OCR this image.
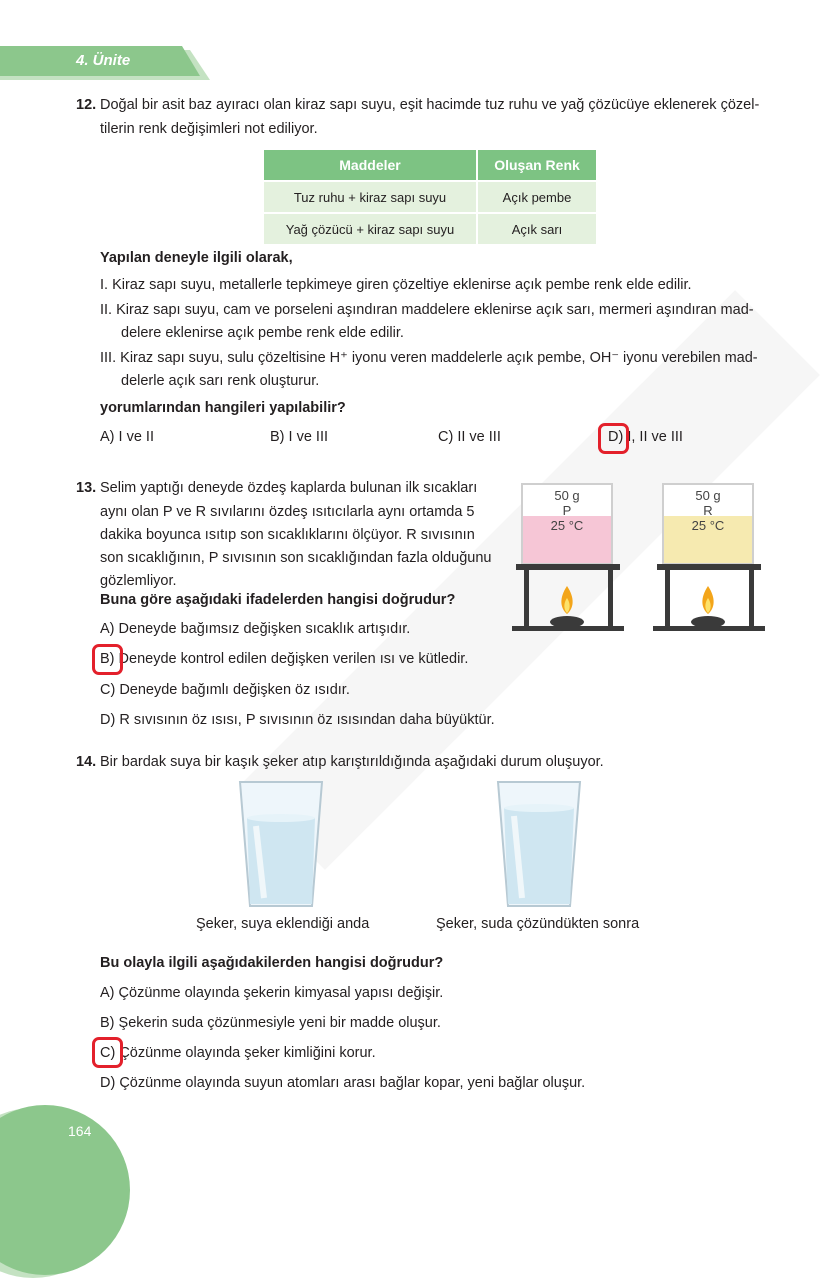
4. Ünite
12. Doğal bir asit baz ayıracı olan kiraz sapı suyu, eşit hacimde tuz ruhu ve yağ çözücüye eklenerek çözel-
tilerin renk değişimleri not ediliyor.
Maddeler	Oluşan Renk
Tuz ruhu + kiraz sapı suyu	Açık pembe
Yağ çözücü + kiraz sapı suyu	Açık sarı
Yapılan deneyle ilgili olarak,
I. Kiraz sapı suyu, metallerle tepkimeye giren çözeltiye eklenirse açık pembe renk elde edilir.
II. Kiraz sapı suyu, cam ve porseleni aşındıran maddelere eklenirse açık sarı, mermeri aşındıran mad-
delere eklenirse açık pembe renk elde edilir.
III. Kiraz sapı suyu, sulu çözeltisine H⁺ iyonu veren maddelerle açık pembe, OH⁻ iyonu verebilen mad-
delerle açık sarı renk oluşturur.
yorumlarından hangileri yapılabilir?
A) I ve II	B) I ve III	C) II ve III	D) I, II ve III
13. Selim yaptığı deneyde özdeş kaplarda bulunan ilk sıcakları
aynı olan P ve R sıvılarını özdeş ısıtıcılarla aynı ortamda 5
dakika boyunca ısıtıp son sıcaklıklarını ölçüyor. R sıvısının
son sıcaklığının, P sıvısının son sıcaklığından fazla olduğunu
gözlemliyor.
Buna göre aşağıdaki ifadelerden hangisi doğrudur?
A) Deneyde bağımsız değişken sıcaklık artışıdır.
B) Deneyde kontrol edilen değişken verilen ısı ve kütledir.
C) Deneyde bağımlı değişken öz ısıdır.
D) R sıvısının öz ısısı, P sıvısının öz ısısından daha büyüktür.
50 g
P
25 °C
50 g
R
25 °C
14. Bir bardak suya bir kaşık şeker atıp karıştırıldığında aşağıdaki durum oluşuyor.
Şeker, suya eklendiği anda	Şeker, suda çözündükten sonra
Bu olayla ilgili aşağıdakilerden hangisi doğrudur?
A) Çözünme olayında şekerin kimyasal yapısı değişir.
B) Şekerin suda çözünmesiyle yeni bir madde oluşur.
C) Çözünme olayında şeker kimliğini korur.
D) Çözünme olayında suyun atomları arası bağlar kopar, yeni bağlar oluşur.
164
